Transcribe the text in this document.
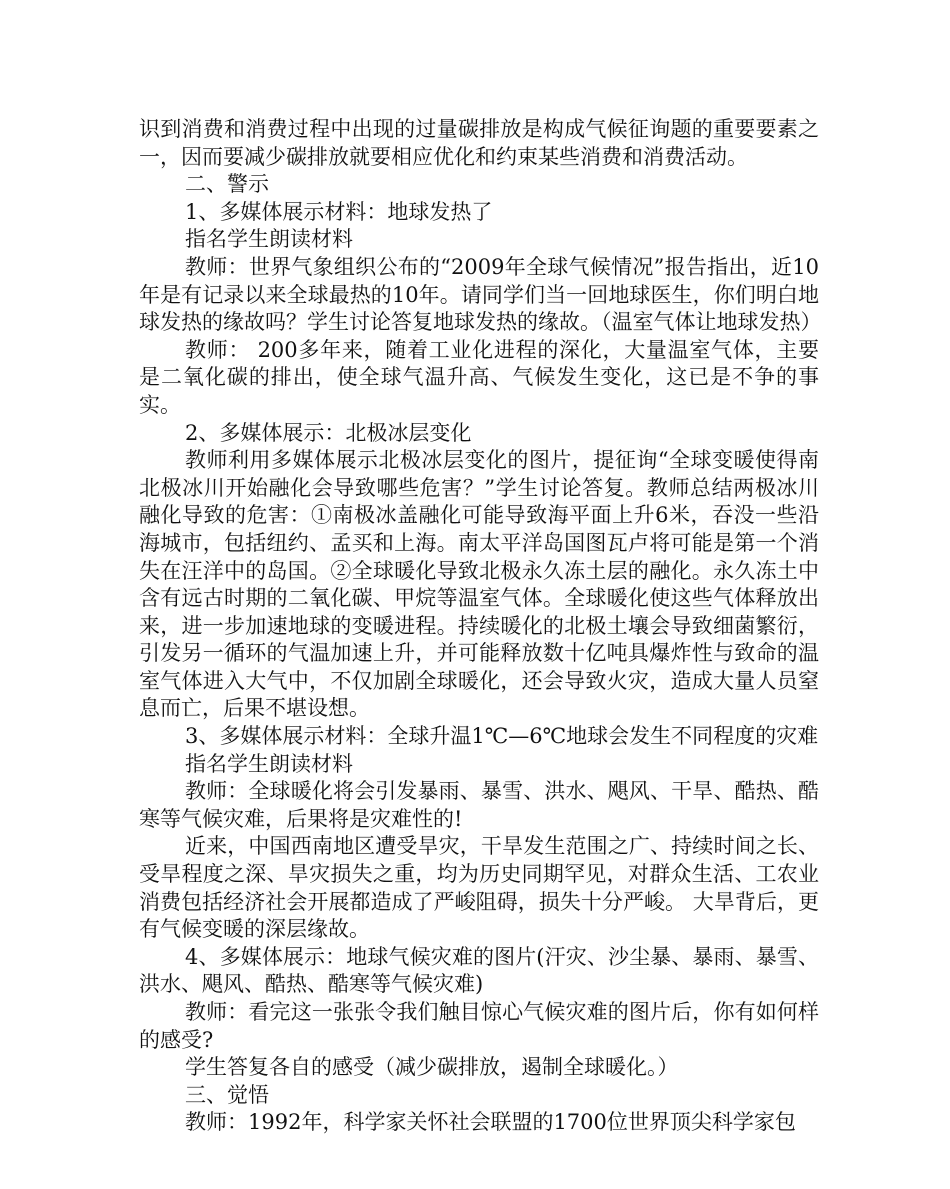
识到消费和消费过程中出现的过量碳排放是构成气候征询题的重要要素之一，因而要减少碳排放就要相应优化和约束某些消费和消费活动。

二、警示

1、多媒体展示材料：地球发热了

指名学生朗读材料

教师：世界气象组织公布的“2009年全球气候情况”报告指出，近10年是有记录以来全球最热的10年。请同学们当一回地球医生，你们明白地球发热的缘故吗？学生讨论答复地球发热的缘故。（温室气体让地球发热）

教师： 200多年来，随着工业化进程的深化，大量温室气体，主要是二氧化碳的排出，使全球气温升高、气候发生变化，这已是不争的事实。

2、多媒体展示：北极冰层变化

教师利用多媒体展示北极冰层变化的图片，提征询“全球变暖使得南北极冰川开始融化会导致哪些危害？”学生讨论答复。教师总结两极冰川融化导致的危害：①南极冰盖融化可能导致海平面上升6米，吞没一些沿海城市，包括纽约、孟买和上海。南太平洋岛国图瓦卢将可能是第一个消失在汪洋中的岛国。②全球暖化导致北极永久冻土层的融化。永久冻土中含有远古时期的二氧化碳、甲烷等温室气体。全球暖化使这些气体释放出来，进一步加速地球的变暖进程。持续暖化的北极土壤会导致细菌繁衍，引发另一循环的气温加速上升，并可能释放数十亿吨具爆炸性与致命的温室气体进入大气中，不仅加剧全球暖化，还会导致火灾，造成大量人员窒息而亡，后果不堪设想。

3、多媒体展示材料：全球升温1℃—6℃地球会发生不同程度的灾难

指名学生朗读材料

教师：全球暖化将会引发暴雨、暴雪、洪水、飓风、干旱、酷热、酷寒等气候灾难，后果将是灾难性的!

近来，中国西南地区遭受旱灾，干旱发生范围之广、持续时间之长、受旱程度之深、旱灾损失之重，均为历史同期罕见，对群众生活、工农业消费包括经济社会开展都造成了严峻阻碍，损失十分严峻。 大旱背后，更有气候变暖的深层缘故。

4、多媒体展示：地球气候灾难的图片(汗灾、沙尘暴、暴雨、暴雪、洪水、飓风、酷热、酷寒等气候灾难)

教师：看完这一张张令我们触目惊心气候灾难的图片后，你有如何样的感受?

学生答复各自的感受（减少碳排放，遏制全球暖化。）

三、觉悟

教师：1992年，科学家关怀社会联盟的1700位世界顶尖科学家包
